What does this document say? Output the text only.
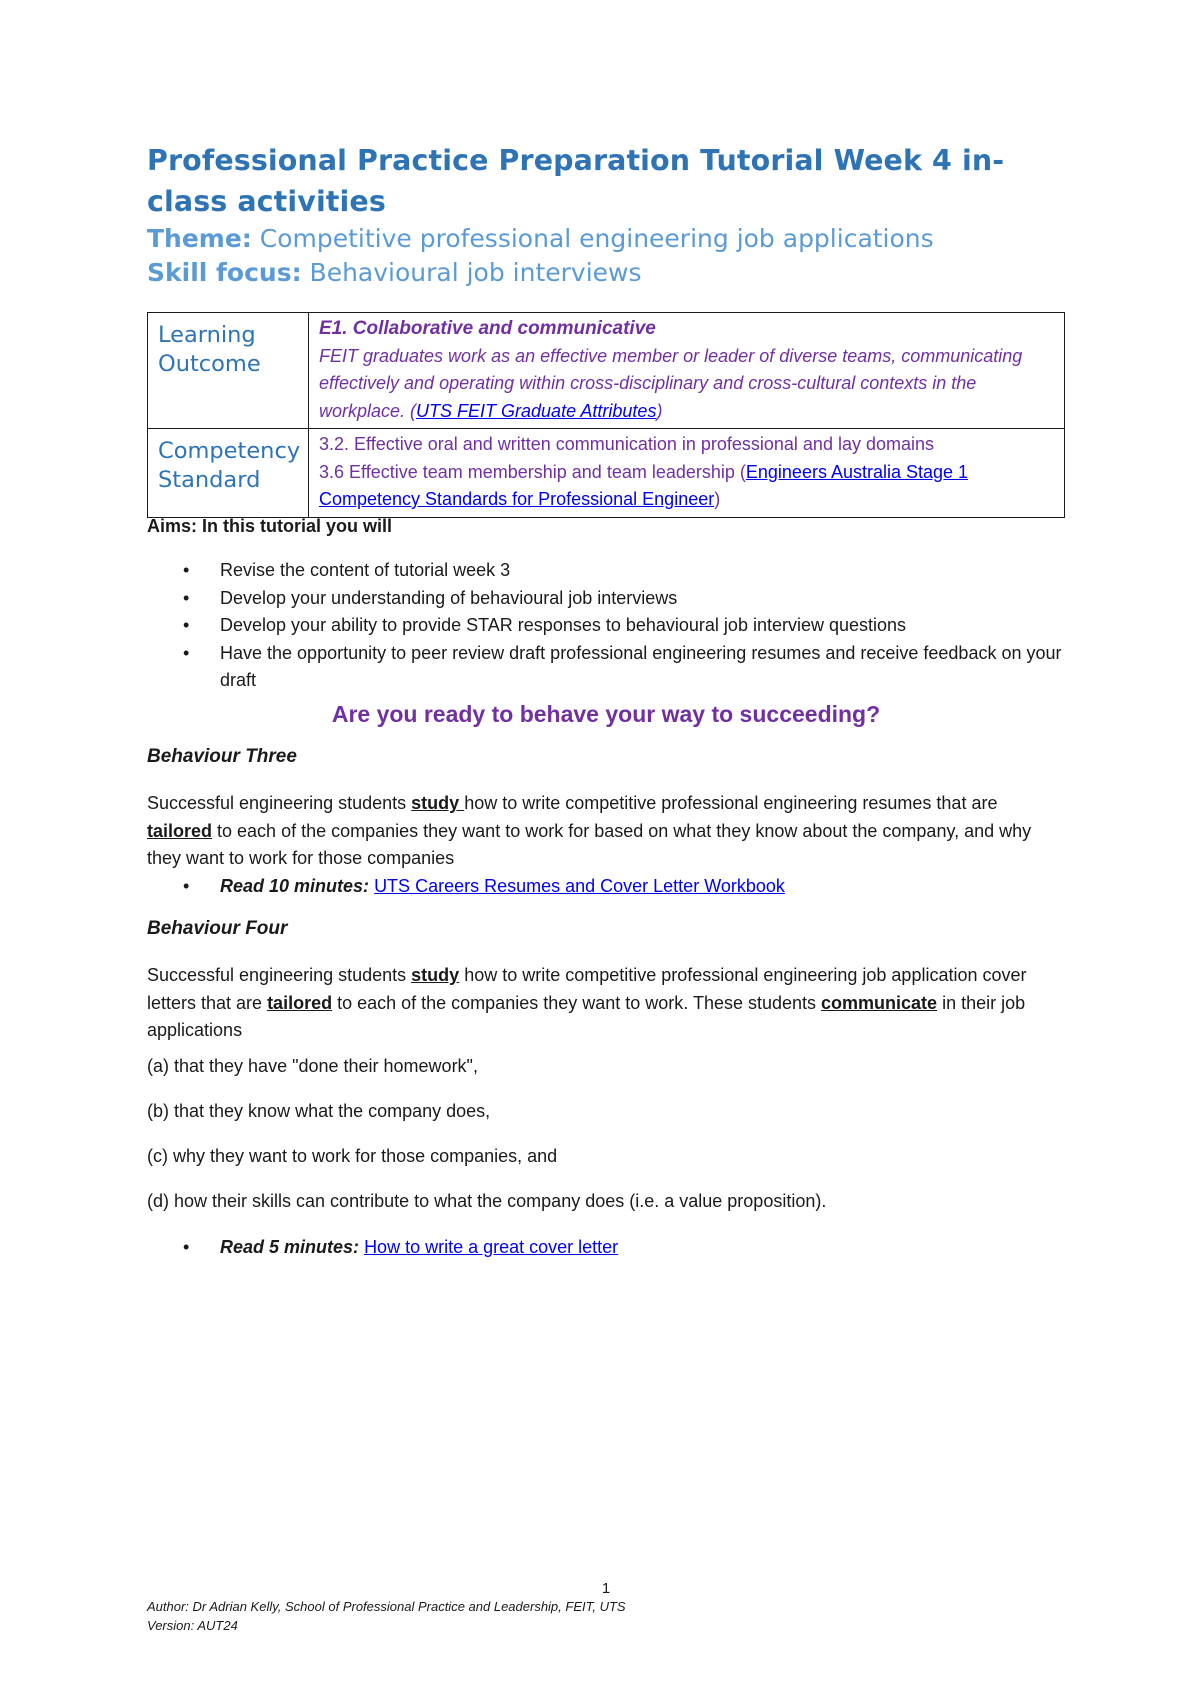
Professional Practice Preparation Tutorial Week 4 in-class activities
Theme: Competitive professional engineering job applications
Skill focus: Behavioural job interviews
Learning Outcome	E1. Collaborative and communicative
FEIT graduates work as an effective member or leader of diverse teams, communicating effectively and operating within cross-disciplinary and cross-cultural contexts in the workplace. (UTS FEIT Graduate Attributes)

Competency Standard	3.2. Effective oral and written communication in professional and lay domains
3.6 Effective team membership and team leadership (Engineers Australia Stage 1 Competency Standards for Professional Engineer)
Aims: In this tutorial you will
• Revise the content of tutorial week 3
• Develop your understanding of behavioural job interviews
• Develop your ability to provide STAR responses to behavioural job interview questions
• Have the opportunity to peer review draft professional engineering resumes and receive feedback on your draft
Are you ready to behave your way to succeeding?
Behaviour Three

Successful engineering students study how to write competitive professional engineering resumes that are tailored to each of the companies they want to work for based on what they know about the company, and why they want to work for those companies

• Read 10 minutes: UTS Careers Resumes and Cover Letter Workbook
Behaviour Four

Successful engineering students study how to write competitive professional engineering job application cover letters that are tailored to each of the companies they want to work. These students communicate in their job applications

(a) that they have "done their homework",

(b) that they know what the company does,

(c) why they want to work for those companies, and

(d) how their skills can contribute to what the company does (i.e. a value proposition).

• Read 5 minutes: How to write a great cover letter
1
Author: Dr Adrian Kelly, School of Professional Practice and Leadership, FEIT, UTS
Version: AUT24
